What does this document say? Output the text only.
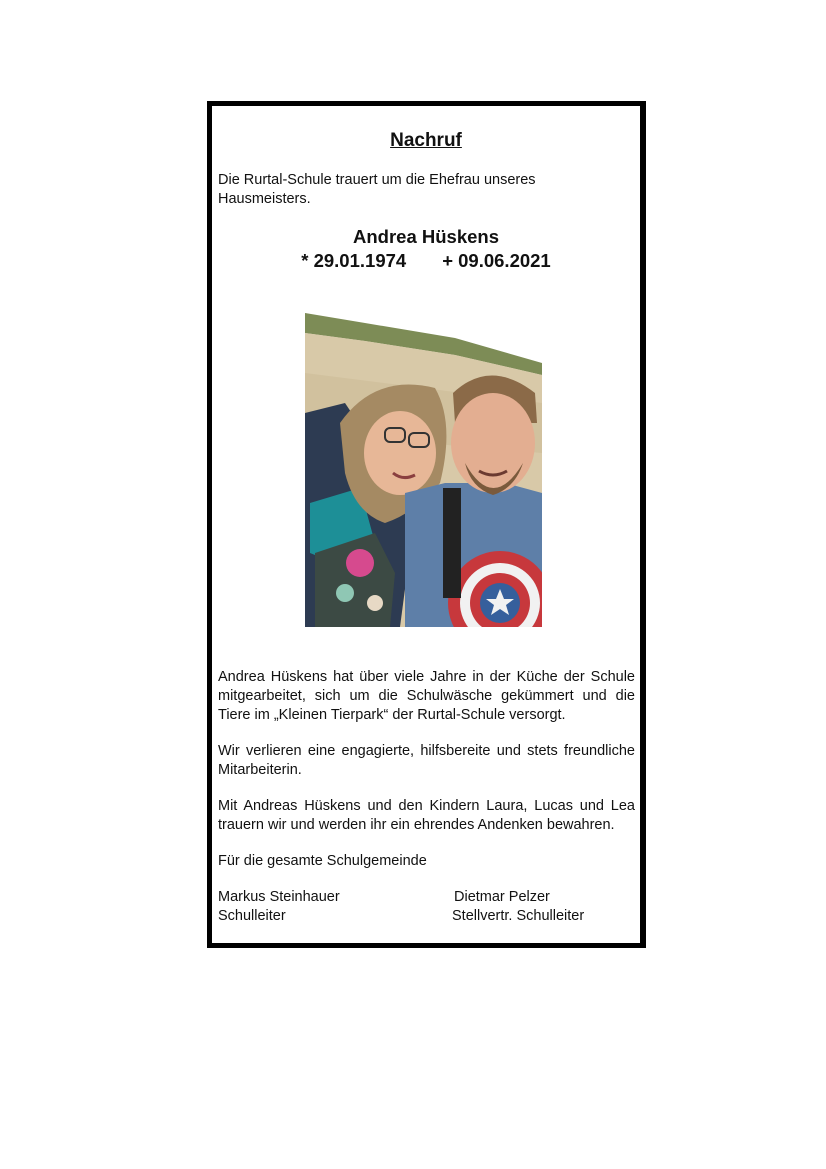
Nachruf
Die Rurtal-Schule trauert um die Ehefrau unseres Hausmeisters.
Andrea Hüskens
* 29.01.1974 + 09.06.2021

Andrea Hüskens hat über viele Jahre in der Küche der Schule mitgearbeitet, sich um die Schulwäsche gekümmert und die Tiere im „Kleinen Tierpark“ der Rurtal-Schule versorgt.

Wir verlieren eine engagierte, hilfsbereite und stets freundliche Mitarbeiterin.

Mit Andreas Hüskens und den Kindern Laura, Lucas und Lea trauern wir und werden ihr ein ehrendes Andenken bewahren.

Für die gesamte Schulgemeinde

Markus Steinhauer	Dietmar Pelzer
Schulleiter	Stellvertr. Schulleiter
